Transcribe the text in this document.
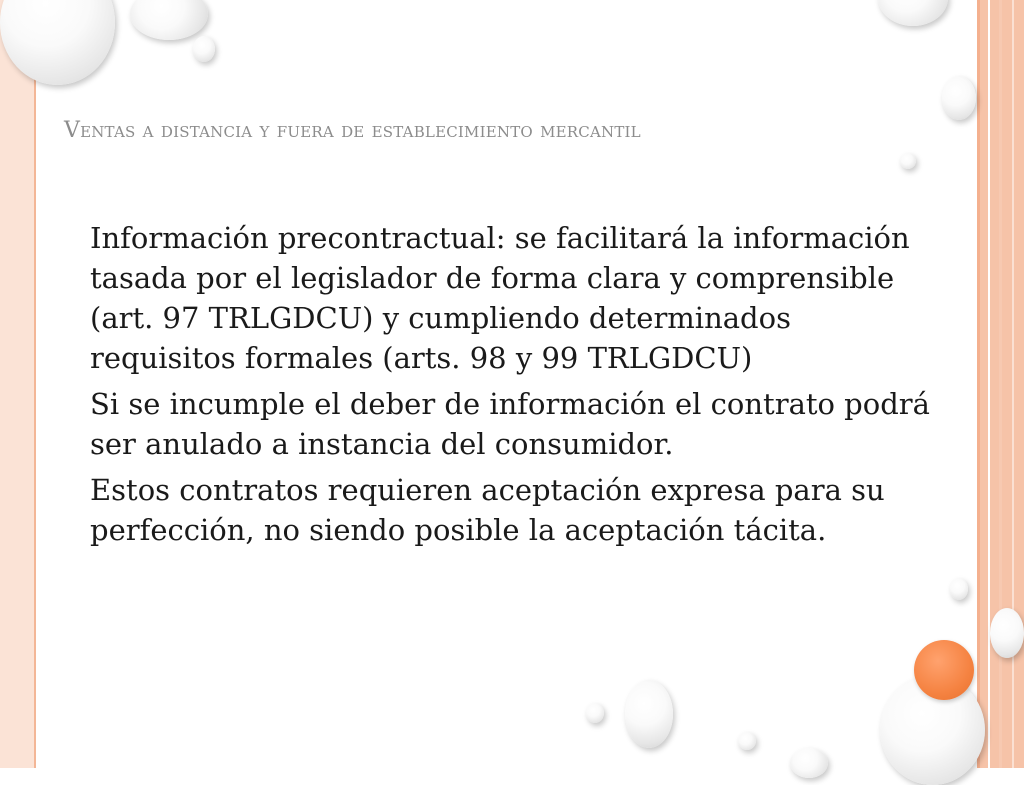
Ventas a distancia y fuera de establecimiento mercantil

Información precontractual: se facilitará la información tasada por el legislador de forma clara y comprensible (art. 97 TRLGDCU) y cumpliendo determinados requisitos formales (arts. 98 y 99 TRLGDCU)

Si se incumple el deber de información el contrato podrá ser anulado a instancia del consumidor.

Estos contratos requieren aceptación expresa para su perfección, no siendo posible la aceptación tácita.
